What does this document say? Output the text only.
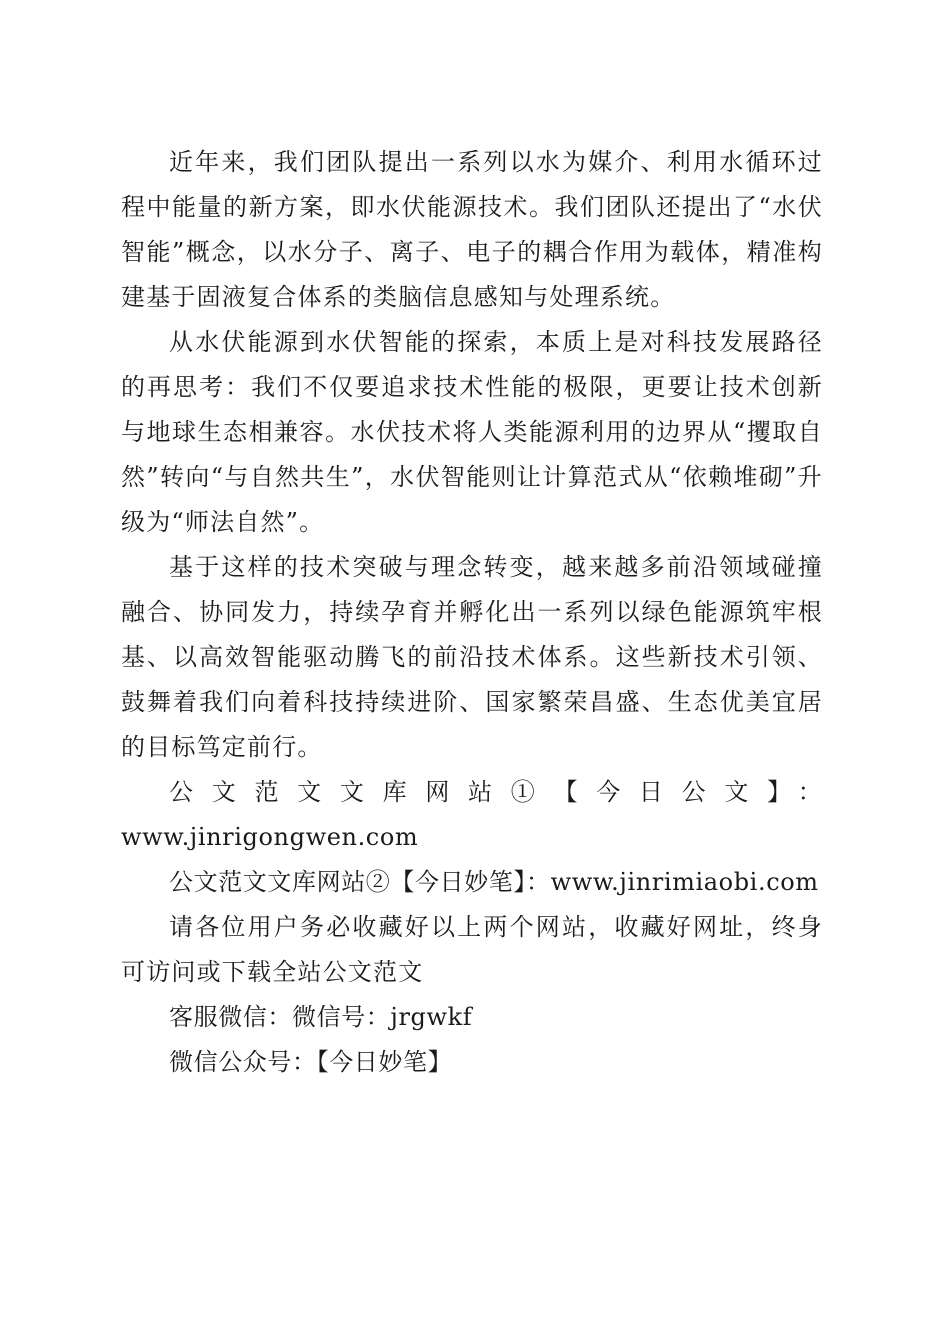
近年来，我们团队提出一系列以水为媒介、利用水循环过程中能量的新方案，即水伏能源技术。我们团队还提出了“水伏智能”概念，以水分子、离子、电子的耦合作用为载体，精准构建基于固液复合体系的类脑信息感知与处理系统。

从水伏能源到水伏智能的探索，本质上是对科技发展路径的再思考：我们不仅要追求技术性能的极限，更要让技术创新与地球生态相兼容。水伏技术将人类能源利用的边界从“攫取自然”转向“与自然共生”，水伏智能则让计算范式从“依赖堆砌”升级为“师法自然”。

基于这样的技术突破与理念转变，越来越多前沿领域碰撞融合、协同发力，持续孕育并孵化出一系列以绿色能源筑牢根基、以高效智能驱动腾飞的前沿技术体系。这些新技术引领、鼓舞着我们向着科技持续进阶、国家繁荣昌盛、生态优美宜居的目标笃定前行。

公文范文文库网站①【今日公文】：

www.jinrigongwen.com

公文范文文库网站②【今日妙笔】：www.jinrimiaobi.com

请各位用户务必收藏好以上两个网站，收藏好网址，终身可访问或下载全站公文范文

客服微信：微信号：jrgwkf

微信公众号：【今日妙笔】
